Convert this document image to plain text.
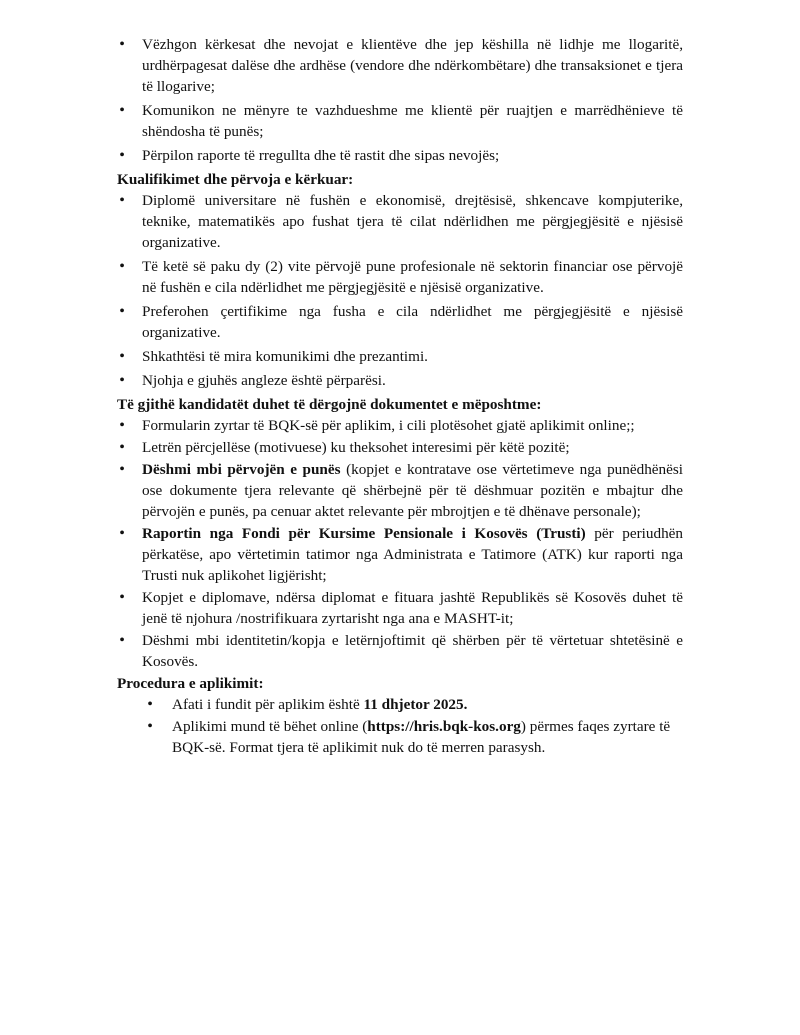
•
Vëzhgon kërkesat dhe nevojat e klientëve dhe jep këshilla në lidhje me llogaritë, urdhërpagesat dalëse dhe ardhëse (vendore dhe ndërkombëtare) dhe transaksionet e tjera të llogarive;
•
Komunikon ne mënyre te vazhdueshme me klientë për ruajtjen e marrëdhënieve të shëndosha të punës;
•
Përpilon raporte të rregullta dhe të rastit dhe sipas nevojës;

Kualifikimet dhe përvoja e kërkuar:

•
Diplomë universitare në fushën e ekonomisë, drejtësisë, shkencave kompjuterike, teknike, matematikës apo fushat tjera të cilat ndërlidhen me përgjegjësitë e njësisë organizative.
•
Të ketë së paku dy (2) vite përvojë pune profesionale në sektorin financiar ose përvojë në fushën e cila ndërlidhet me përgjegjësitë e njësisë organizative.
•
Preferohen çertifikime nga fusha e cila ndërlidhet me përgjegjësitë e njësisë organizative.
•
Shkathtësi të mira komunikimi dhe prezantimi.
•
Njohja e gjuhës angleze është përparësi.

Të gjithë kandidatët duhet të dërgojnë dokumentet e mëposhtme:

•
Formularin zyrtar të BQK-së për aplikim, i cili plotësohet gjatë aplikimit online;;
•
Letrën përcjellëse (motivuese) ku theksohet interesimi për këtë pozitë;
•
Dëshmi mbi përvojën e punës (kopjet e kontratave ose vërtetimeve nga punëdhënësi ose dokumente tjera relevante që shërbejnë për të dëshmuar pozitën e mbajtur dhe përvojën e punës, pa cenuar aktet relevante për mbrojtjen e të dhënave personale);
•
Raportin nga Fondi për Kursime Pensionale i Kosovës (Trusti) për periudhën përkatëse, apo vërtetimin tatimor nga Administrata e Tatimore (ATK) kur raporti nga Trusti nuk aplikohet ligjërisht;
•
Kopjet e diplomave, ndërsa diplomat e fituara jashtë Republikës së Kosovës duhet të jenë të njohura /nostrifikuara zyrtarisht nga ana e MASHT-it;
•
Dëshmi mbi identitetin/kopja e letërnjoftimit që shërben për të vërtetuar shtetësinë e Kosovës.

Procedura e aplikimit:

•
Afati i fundit për aplikim është 11 dhjetor 2025.
•
Aplikimi mund të bëhet online (https://hris.bqk-kos.org) përmes faqes zyrtare të BQK-së. Format tjera të aplikimit nuk do të merren parasysh.
